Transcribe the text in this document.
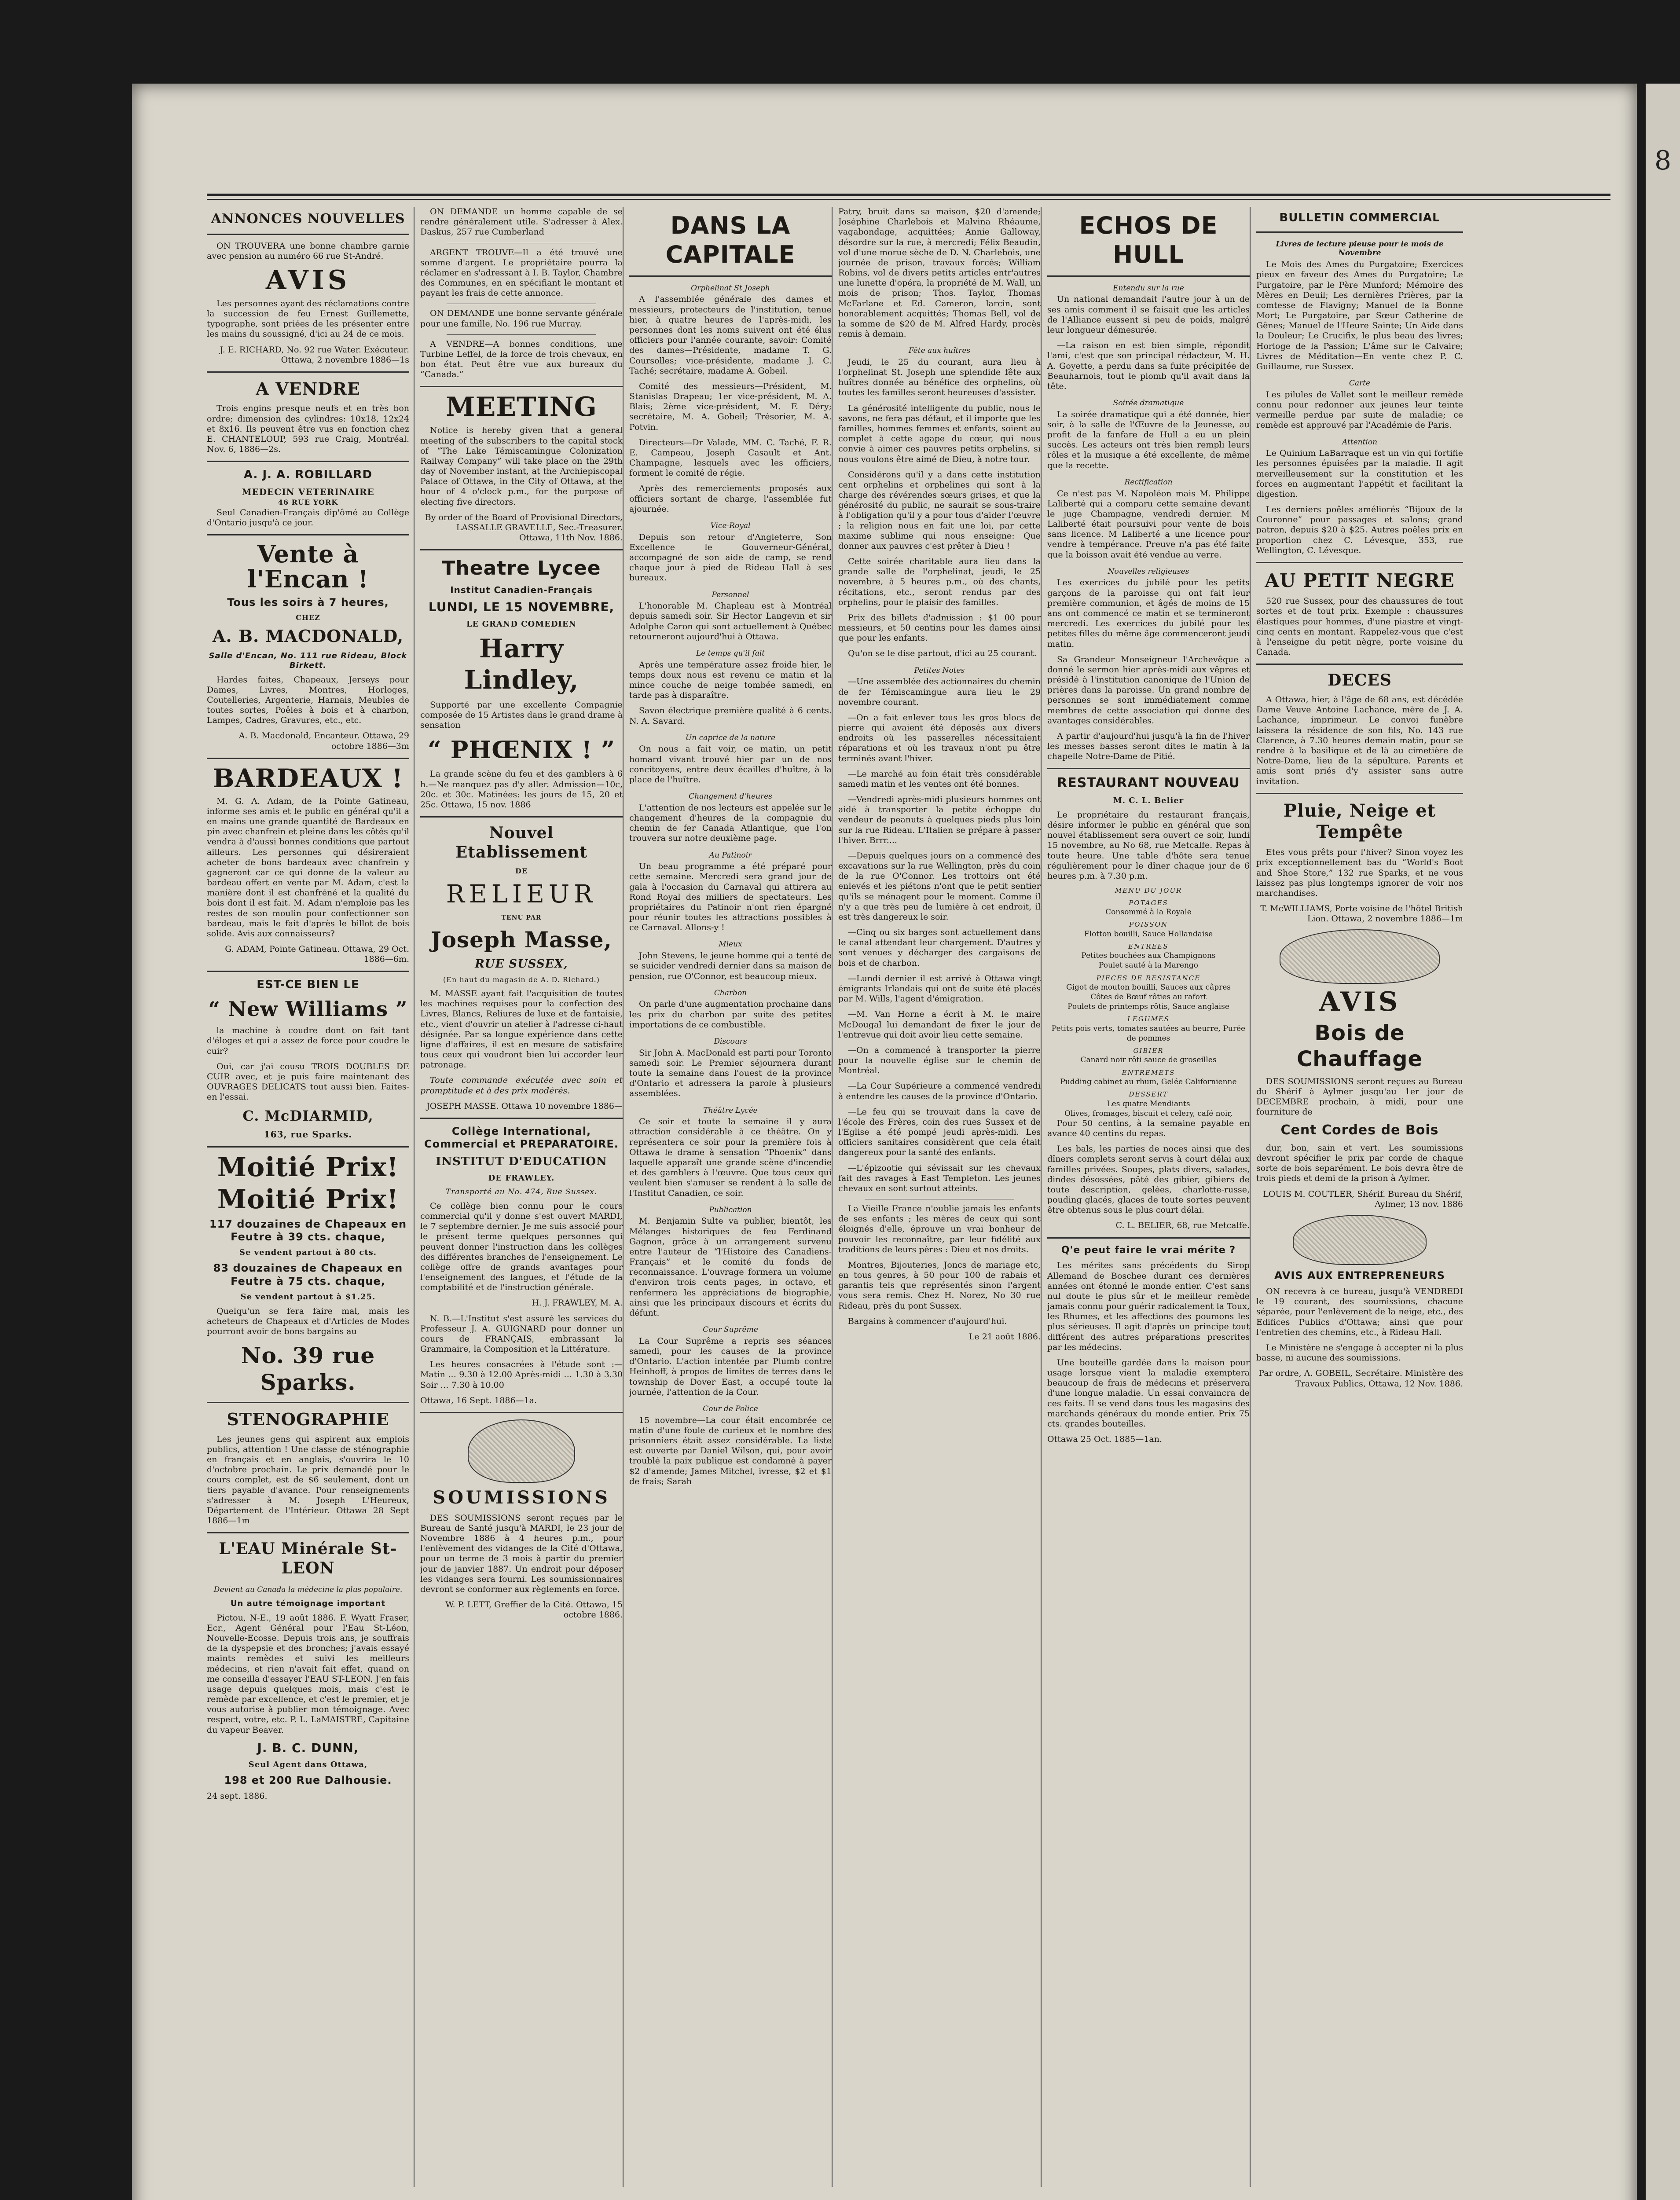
8
ANNONCES NOUVELLES

ON TROUVERA une bonne chambre garnie avec pension au numéro 66 rue St-André.

AVIS

Les personnes ayant des réclamations contre la succession de feu Ernest Guillemette, typographe, sont priées de les présenter entre les mains du soussigné, d'ici au 24 de ce mois.

J. E. RICHARD, No. 92 rue Water. Exécuteur. Ottawa, 2 novembre 1886—1s

A VENDRE

Trois engins presque neufs et en très bon ordre; dimension des cylindres: 10x18, 12x24 et 8x16. Ils peuvent être vus en fonction chez E. CHANTELOUP, 593 rue Craig, Montréal. Nov. 6, 1886—2s.

A. J. A. ROBILLARD
MEDECIN VETERINAIRE
46 RUE YORK

Seul Canadien-Français dip'ômé au Collège d'Ontario jusqu'à ce jour.

Vente à l'Encan !
Tous les soirs à 7 heures,
CHEZ
A. B. MACDONALD,
Salle d'Encan, No. 111 rue Rideau, Block Birkett.

Hardes faites, Chapeaux, Jerseys pour Dames, Livres, Montres, Horloges, Coutelleries, Argenterie, Harnais, Meubles de toutes sortes, Poêles à bois et à charbon, Lampes, Cadres, Gravures, etc., etc.

A. B. Macdonald, Encanteur. Ottawa, 29 octobre 1886—3m

BARDEAUX !

M. G. A. Adam, de la Pointe Gatineau, informe ses amis et le public en général qu'il a en mains une grande quantité de Bardeaux en pin avec chanfrein et pleine dans les côtés qu'il vendra à d'aussi bonnes conditions que partout ailleurs. Les personnes qui désireraient acheter de bons bardeaux avec chanfrein y gagneront car ce qui donne de la valeur au bardeau offert en vente par M. Adam, c'est la manière dont il est chanfréné et la qualité du bois dont il est fait. M. Adam n'emploie pas les restes de son moulin pour confectionner son bardeau, mais le fait d'après le billot de bois solide. Avis aux connaisseurs?

G. ADAM, Pointe Gatineau. Ottawa, 29 Oct. 1886—6m.

EST-CE BIEN LE
“ New Williams ”

la machine à coudre dont on fait tant d'éloges et qui a assez de force pour coudre le cuir?

Oui, car j'ai cousu TROIS DOUBLES DE CUIR avec, et je puis faire maintenant des OUVRAGES DELICATS tout aussi bien. Faites-en l'essai.

C. McDIARMID,
163, rue Sparks.
Moitié Prix!
Moitié Prix!
117 douzaines de Chapeaux en Feutre à 39 cts. chaque,
Se vendent partout à 80 cts.
83 douzaines de Chapeaux en Feutre à 75 cts. chaque,
Se vendent partout à $1.25.

Quelqu'un se fera faire mal, mais les acheteurs de Chapeaux et d'Articles de Modes pourront avoir de bons bargains au

No. 39 rue Sparks.
STENOGRAPHIE

Les jeunes gens qui aspirent aux emplois publics, attention ! Une classe de sténographie en français et en anglais, s'ouvrira le 10 d'octobre prochain. Le prix demandé pour le cours complet, est de $6 seulement, dont un tiers payable d'avance. Pour renseignements s'adresser à M. Joseph L'Heureux, Département de l'Intérieur. Ottawa 28 Sept 1886—1m

L'EAU Minérale St-LEON
Devient au Canada la médecine la plus populaire.
Un autre témoignage important

Pictou, N-E., 19 août 1886. F. Wyatt Fraser, Ecr., Agent Général pour l'Eau St-Léon, Nouvelle-Ecosse. Depuis trois ans, je souffrais de la dyspepsie et des bronches; j'avais essayé maints remèdes et suivi les meilleurs médecins, et rien n'avait fait effet, quand on me conseilla d'essayer l'EAU ST-LEON. J'en fais usage depuis quelques mois, mais c'est le remède par excellence, et c'est le premier, et je vous autorise à publier mon témoignage. Avec respect, votre, etc. P. L. LaMAISTRE, Capitaine du vapeur Beaver.

J. B. C. DUNN,
Seul Agent dans Ottawa,
198 et 200 Rue Dalhousie.

24 sept. 1886.

ON DEMANDE un homme capable de se rendre généralement utile. S'adresser à Alex. Daskus, 257 rue Cumberland

ARGENT TROUVE—Il a été trouvé une somme d'argent. Le propriétaire pourra la réclamer en s'adressant à I. B. Taylor, Chambre des Communes, en en spécifiant le montant et payant les frais de cette annonce.

ON DEMANDE une bonne servante générale pour une famille, No. 196 rue Murray.

A VENDRE—A bonnes conditions, une Turbine Leffel, de la force de trois chevaux, en bon état. Peut être vue aux bureaux du “Canada.”

MEETING

Notice is hereby given that a general meeting of the subscribers to the capital stock of “The Lake Témiscamingue Colonization Railway Company” will take place on the 29th day of November instant, at the Archiepiscopal Palace of Ottawa, in the City of Ottawa, at the hour of 4 o'clock p.m., for the purpose of electing five directors.

By order of the Board of Provisional Directors, LASSALLE GRAVELLE, Sec.-Treasurer. Ottawa, 11th Nov. 1886.

Theatre Lycee
Institut Canadien-Français
LUNDI, LE 15 NOVEMBRE,
LE GRAND COMEDIEN
Harry Lindley,

Supporté par une excellente Compagnie composée de 15 Artistes dans le grand drame à sensation

“ PHŒNIX ! ”

La grande scène du feu et des gamblers à 6 h.—Ne manquez pas d'y aller. Admission—10c, 20c. et 30c. Matinées: les jours de 15, 20 et 25c. Ottawa, 15 nov. 1886

Nouvel Etablissement
DE
RELIEUR
TENU PAR
Joseph Masse,
RUE SUSSEX,
(En haut du magasin de A. D. Richard.)

M. MASSE ayant fait l'acquisition de toutes les machines requises pour la confection des Livres, Blancs, Reliures de luxe et de fantaisie, etc., vient d'ouvrir un atelier à l'adresse ci-haut désignée. Par sa longue expérience dans cette ligne d'affaires, il est en mesure de satisfaire tous ceux qui voudront bien lui accorder leur patronage.

Toute commande exécutée avec soin et promptitude et à des prix modérés.

JOSEPH MASSE. Ottawa 10 novembre 1886—

Collège International, Commercial et PREPARATOIRE.
INSTITUT D'EDUCATION
DE FRAWLEY.
Transporté au No. 474, Rue Sussex.

Ce collège bien connu pour le cours commercial qu'il y donne s'est ouvert MARDI, le 7 septembre dernier. Je me suis associé pour le présent terme quelques personnes qui peuvent donner l'instruction dans les collèges des différentes branches de l'enseignement. Le collège offre de grands avantages pour l'enseignement des langues, et l'étude de la comptabilité et de l'instruction générale.

H. J. FRAWLEY, M. A.

N. B.—L'Institut s'est assuré les services du Professeur J. A. GUIGNARD pour donner un cours de FRANÇAIS, embrassant la Grammaire, la Composition et la Littérature.

Les heures consacrées à l'étude sont :— Matin … 9.30 à 12.00 Après-midi … 1.30 à 3.30 Soir … 7.30 à 10.00

Ottawa, 16 Sept. 1886—1a.

SOUMISSIONS

DES SOUMISSIONS seront reçues par le Bureau de Santé jusqu'à MARDI, le 23 jour de Novembre 1886 à 4 heures p.m., pour l'enlèvement des vidanges de la Cité d'Ottawa, pour un terme de 3 mois à partir du premier jour de janvier 1887. Un endroit pour déposer les vidanges sera fourni. Les soumissionnaires devront se conformer aux règlements en force.

W. P. LETT, Greffier de la Cité. Ottawa, 15 octobre 1886.

DANS LA CAPITALE
Orphelinat St Joseph

A l'assemblée générale des dames et messieurs, protecteurs de l'institution, tenue hier, à quatre heures de l'après-midi, les personnes dont les noms suivent ont été élus officiers pour l'année courante, savoir: Comité des dames—Présidente, madame T. G. Coursolles; vice-présidente, madame J. C. Taché; secrétaire, madame A. Gobeil.

Comité des messieurs—Président, M. Stanislas Drapeau; 1er vice-président, M. A. Blais; 2ème vice-président, M. F. Déry; secrétaire, M. A. Gobeil; Trésorier, M. A. Potvin.

Directeurs—Dr Valade, MM. C. Taché, F. R. E. Campeau, Joseph Casault et Ant. Champagne, lesquels avec les officiers, forment le comité de régie.

Après des remerciements proposés aux officiers sortant de charge, l'assemblée fut ajournée.

Vice-Royal

Depuis son retour d'Angleterre, Son Excellence le Gouverneur-Général, accompagné de son aide de camp, se rend chaque jour à pied de Rideau Hall à ses bureaux.

Personnel

L'honorable M. Chapleau est à Montréal depuis samedi soir. Sir Hector Langevin et sir Adolphe Caron qui sont actuellement à Québec retourneront aujourd'hui à Ottawa.

Le temps qu'il fait

Après une température assez froide hier, le temps doux nous est revenu ce matin et la mince couche de neige tombée samedi, en tarde pas à disparaître.

Savon électrique première qualité à 6 cents. N. A. Savard.

Un caprice de la nature

On nous a fait voir, ce matin, un petit homard vivant trouvé hier par un de nos concitoyens, entre deux écailles d'huître, à la place de l'huître.

Changement d'heures

L'attention de nos lecteurs est appelée sur le changement d'heures de la compagnie du chemin de fer Canada Atlantique, que l'on trouvera sur notre deuxième page.

Au Patinoir

Un beau programme a été préparé pour cette semaine. Mercredi sera grand jour de gala à l'occasion du Carnaval qui attirera au Rond Royal des milliers de spectateurs. Les propriétaires du Patinoir n'ont rien épargné pour réunir toutes les attractions possibles à ce Carnaval. Allons-y !

Mieux

John Stevens, le jeune homme qui a tenté de se suicider vendredi dernier dans sa maison de pension, rue O'Connor, est beaucoup mieux.

Charbon

On parle d'une augmentation prochaine dans les prix du charbon par suite des petites importations de ce combustible.

Discours

Sir John A. MacDonald est parti pour Toronto samedi soir. Le Premier séjournera durant toute la semaine dans l'ouest de la province d'Ontario et adressera la parole à plusieurs assemblées.

Théâtre Lycée

Ce soir et toute la semaine il y aura attraction considérable à ce théâtre. On y représentera ce soir pour la première fois à Ottawa le drame à sensation “Phoenix” dans laquelle apparaît une grande scène d'incendie et des gamblers à l'œuvre. Que tous ceux qui veulent bien s'amuser se rendent à la salle de l'Institut Canadien, ce soir.

Publication

M. Benjamin Sulte va publier, bientôt, les Mélanges historiques de feu Ferdinand Gagnon, grâce à un arrangement survenu entre l'auteur de “l'Histoire des Canadiens-Français” et le comité du fonds de reconnaissance. L'ouvrage formera un volume d'environ trois cents pages, in octavo, et renfermera les appréciations de biographie, ainsi que les principaux discours et écrits du défunt.

Cour Suprême

La Cour Suprême a repris ses séances samedi, pour les causes de la province d'Ontario. L'action intentée par Plumb contre Heinhoff, à propos de limites de terres dans le township de Dover East, a occupé toute la journée, l'attention de la Cour.

Cour de Police

15 novembre—La cour était encombrée ce matin d'une foule de curieux et le nombre des prisonniers était assez considérable. La liste est ouverte par Daniel Wilson, qui, pour avoir troublé la paix publique est condamné à payer $2 d'amende; James Mitchel, ivresse, $2 et $1 de frais; Sarah

Patry, bruit dans sa maison, $20 d'amende; Joséphine Charlebois et Malvina Rhéaume, vagabondage, acquittées; Annie Galloway, désordre sur la rue, à mercredi; Félix Beaudin, vol d'une morue sèche de D. N. Charlebois, une journée de prison, travaux forcés; William Robins, vol de divers petits articles entr'autres une lunette d'opéra, la propriété de M. Wall, un mois de prison; Thos. Taylor, Thomas McFarlane et Ed. Cameron, larcin, sont honorablement acquittés; Thomas Bell, vol de la somme de $20 de M. Alfred Hardy, procès remis à demain.

Fête aux huîtres

Jeudi, le 25 du courant, aura lieu à l'orphelinat St. Joseph une splendide fête aux huîtres donnée au bénéfice des orphelins, où toutes les familles seront heureuses d'assister.

La générosité intelligente du public, nous le savons, ne fera pas défaut, et il importe que les familles, hommes femmes et enfants, soient au complet à cette agape du cœur, qui nous convie à aimer ces pauvres petits orphelins, si nous voulons être aimé de Dieu, à notre tour.

Considérons qu'il y a dans cette institution cent orphelins et orphelines qui sont à la charge des révérendes sœurs grises, et que la générosité du public, ne saurait se sous-traire à l'obligation qu'il y a pour tous d'aider l'œuvre ; la religion nous en fait une loi, par cette maxime sublime qui nous enseigne: Que donner aux pauvres c'est prêter à Dieu !

Cette soirée charitable aura lieu dans la grande salle de l'orphelinat, jeudi, le 25 novembre, à 5 heures p.m., où des chants, récitations, etc., seront rendus par des orphelins, pour le plaisir des familles.

Prix des billets d'admission : $1 00 pour messieurs, et 50 centins pour les dames ainsi que pour les enfants.

Qu'on se le dise partout, d'ici au 25 courant.

Petites Notes

—Une assemblée des actionnaires du chemin de fer Témiscamingue aura lieu le 29 novembre courant.

—On a fait enlever tous les gros blocs de pierre qui avaient été déposés aux divers endroits où les passerelles nécessitaient réparations et où les travaux n'ont pu être terminés avant l'hiver.

—Le marché au foin était très considérable samedi matin et les ventes ont été bonnes.

—Vendredi après-midi plusieurs hommes ont aidé à transporter la petite échoppe du vendeur de peanuts à quelques pieds plus loin sur la rue Rideau. L'Italien se prépare à passer l'hiver. Brrr....

—Depuis quelques jours on a commencé des excavations sur la rue Wellington, près du coin de la rue O'Connor. Les trottoirs ont été enlevés et les piétons n'ont que le petit sentier qu'ils se ménagent pour le moment. Comme il n'y a que très peu de lumière à cet endroit, il est très dangereux le soir.

—Cinq ou six barges sont actuellement dans le canal attendant leur chargement. D'autres y sont venues y décharger des cargaisons de bois et de charbon.

—Lundi dernier il est arrivé à Ottawa vingt émigrants Irlandais qui ont de suite été placés par M. Wills, l'agent d'émigration.

—M. Van Horne a écrit à M. le maire McDougal lui demandant de fixer le jour de l'entrevue qui doit avoir lieu cette semaine.

—On a commencé à transporter la pierre pour la nouvelle église sur le chemin de Montréal.

—La Cour Supérieure a commencé vendredi à entendre les causes de la province d'Ontario.

—Le feu qui se trouvait dans la cave de l'école des Frères, coin des rues Sussex et de l'Eglise a été pompé jeudi après-midi. Les officiers sanitaires considèrent que cela était dangereux pour la santé des enfants.

—L'épizootie qui sévissait sur les chevaux fait des ravages à East Templeton. Les jeunes chevaux en sont surtout atteints.

La Vieille France n'oublie jamais les enfants de ses enfants ; les mères de ceux qui sont éloignés d'elle, éprouve un vrai bonheur de pouvoir les reconnaître, par leur fidélité aux traditions de leurs pères : Dieu et nos droits.

Montres, Bijouteries, Joncs de mariage etc, en tous genres, à 50 pour 100 de rabais et garantis tels que représentés sinon l'argent vous sera remis. Chez H. Norez, No 30 rue Rideau, près du pont Sussex.

Bargains à commencer d'aujourd'hui.

Le 21 août 1886.

ECHOS DE HULL
Entendu sur la rue

Un national demandait l'autre jour à un de ses amis comment il se faisait que les articles de l'Alliance eussent si peu de poids, malgré leur longueur démesurée.

—La raison en est bien simple, répondit l'ami, c'est que son principal rédacteur, M. H. A. Goyette, a perdu dans sa fuite précipitée de Beauharnois, tout le plomb qu'il avait dans la tête.

Soirée dramatique

La soirée dramatique qui a été donnée, hier soir, à la salle de l'Œuvre de la Jeunesse, au profit de la fanfare de Hull a eu un plein succès. Les acteurs ont très bien rempli leurs rôles et la musique a été excellente, de même que la recette.

Rectification

Ce n'est pas M. Napoléon mais M. Philippe Laliberté qui a comparu cette semaine devant le juge Champagne, vendredi dernier. M Laliberté était poursuivi pour vente de bois sans licence. M Laliberté a une licence pour vendre à tempérance. Preuve n'a pas été faite que la boisson avait été vendue au verre.

Nouvelles religieuses

Les exercices du jubilé pour les petits garçons de la paroisse qui ont fait leur première communion, et âgés de moins de 15 ans ont commencé ce matin et se termineront mercredi. Les exercices du jubilé pour les petites filles du même âge commenceront jeudi matin.

Sa Grandeur Monseigneur l'Archevêque a donné le sermon hier après-midi aux vêpres et présidé à l'institution canonique de l'Union de prières dans la paroisse. Un grand nombre de personnes se sont immédiatement comme membres de cette association qui donne des avantages considérables.

A partir d'aujourd'hui jusqu'à la fin de l'hiver les messes basses seront dites le matin à la chapelle Notre-Dame de Pitié.

RESTAURANT NOUVEAU
M. C. L. Belier

Le propriétaire du restaurant français, désire informer le public en général que son nouvel établissement sera ouvert ce soir, lundi 15 novembre, au No 68, rue Metcalfe. Repas à toute heure. Une table d'hôte sera tenue régulièrement pour le dîner chaque jour de 6 heures p.m. à 7.30 p.m.

MENU DU JOUR
POTAGES
Consommé à la Royale
POISSON
Flotton bouilli, Sauce Hollandaise
ENTREES
Petites bouchées aux Champignons
Poulet sauté à la Marengo
PIECES DE RESISTANCE
Gigot de mouton bouilli, Sauces aux câpres
Côtes de Bœuf rôties au rafort
Poulets de printemps rôtis, Sauce anglaise
LEGUMES
Petits pois verts, tomates sautées au beurre, Purée de pommes
GIBIER
Canard noir rôti sauce de groseilles
ENTREMETS
Pudding cabinet au rhum, Gelée Californienne
DESSERT
Les quatre Mendiants
Olives, fromages, biscuit et celery, café noir,

Pour 50 centins, à la semaine payable en avance 40 centins du repas.

Les bals, les parties de noces ainsi que des dîners complets seront servis à court délai aux familles privées. Soupes, plats divers, salades, dindes désossées, pâté des gibier, gibiers de toute description, gelées, charlotte-russe, pouding glacés, glaces de toute sortes peuvent être obtenus sous le plus court délai.

C. L. BELIER, 68, rue Metcalfe.

Q'e peut faire le vrai mérite ?

Les mérites sans précédents du Sirop Allemand de Boschee durant ces dernières années ont étonné le monde entier. C'est sans nul doute le plus sûr et le meilleur remède jamais connu pour guérir radicalement la Toux, les Rhumes, et les affections des poumons les plus sérieuses. Il agit d'après un principe tout différent des autres préparations prescrites par les médecins.

Une bouteille gardée dans la maison pour usage lorsque vient la maladie exemptera beaucoup de frais de médecins et préservera d'une longue maladie. Un essai convaincra de ces faits. Il se vend dans tous les magasins des marchands généraux du monde entier. Prix 75 cts. grandes bouteilles.

Ottawa 25 Oct. 1885—1an.

BULLETIN COMMERCIAL
Livres de lecture pieuse pour le mois de Novembre

Le Mois des Ames du Purgatoire; Exercices pieux en faveur des Ames du Purgatoire; Le Purgatoire, par le Père Munford; Mémoire des Mères en Deuil; Les dernières Prières, par la comtesse de Flavigny; Manuel de la Bonne Mort; Le Purgatoire, par Sœur Catherine de Gênes; Manuel de l'Heure Sainte; Un Aide dans la Douleur; Le Crucifix, le plus beau des livres; Horloge de la Passion; L'âme sur le Calvaire; Livres de Méditation—En vente chez P. C. Guillaume, rue Sussex.

Carte

Les pilules de Vallet sont le meilleur remède connu pour redonner aux jeunes leur teinte vermeille perdue par suite de maladie; ce remède est approuvé par l'Académie de Paris.

Attention

Le Quinium LaBarraque est un vin qui fortifie les personnes épuisées par la maladie. Il agit merveilleusement sur la constitution et les forces en augmentant l'appétit et facilitant la digestion.

Les derniers poêles améliorés “Bijoux de la Couronne” pour passages et salons; grand patron, depuis $20 à $25. Autres poêles prix en proportion chez C. Lévesque, 353, rue Wellington, C. Lévesque.

AU PETIT NEGRE

520 rue Sussex, pour des chaussures de tout sortes et de tout prix. Exemple : chaussures élastiques pour hommes, d'une piastre et vingt-cinq cents en montant. Rappelez-vous que c'est à l'enseigne du petit nègre, porte voisine du Canada.

DECES

A Ottawa, hier, à l'âge de 68 ans, est décédée Dame Veuve Antoine Lachance, mère de J. A. Lachance, imprimeur. Le convoi funèbre laissera la résidence de son fils, No. 143 rue Clarence, à 7.30 heures demain matin, pour se rendre à la basilique et de là au cimetière de Notre-Dame, lieu de la sépulture. Parents et amis sont priés d'y assister sans autre invitation.

Pluie, Neige et Tempête

Etes vous prêts pour l'hiver? Sinon voyez les prix exceptionnellement bas du “World's Boot and Shoe Store,” 132 rue Sparks, et ne vous laissez pas plus longtemps ignorer de voir nos marchandises.

T. McWILLIAMS, Porte voisine de l'hôtel British Lion. Ottawa, 2 novembre 1886—1m

AVIS
Bois de Chauffage

DES SOUMISSIONS seront reçues au Bureau du Shérif à Aylmer jusqu'au 1er jour de DECEMBRE prochain, à midi, pour une fourniture de

Cent Cordes de Bois

dur, bon, sain et vert. Les soumissions devront spécifier le prix par corde de chaque sorte de bois separément. Le bois devra être de trois pieds et demi de la prison à Aylmer.

LOUIS M. COUTLER, Shérif. Bureau du Shérif, Aylmer, 13 nov. 1886

AVIS AUX ENTREPRENEURS

ON recevra à ce bureau, jusqu'à VENDREDI le 19 courant, des soumissions, chacune séparée, pour l'enlèvement de la neige, etc., des Edifices Publics d'Ottawa; ainsi que pour l'entretien des chemins, etc., à Rideau Hall.

Le Ministère ne s'engage à accepter ni la plus basse, ni aucune des soumissions.

Par ordre, A. GOBEIL, Secrétaire. Ministère des Travaux Publics, Ottawa, 12 Nov. 1886.
